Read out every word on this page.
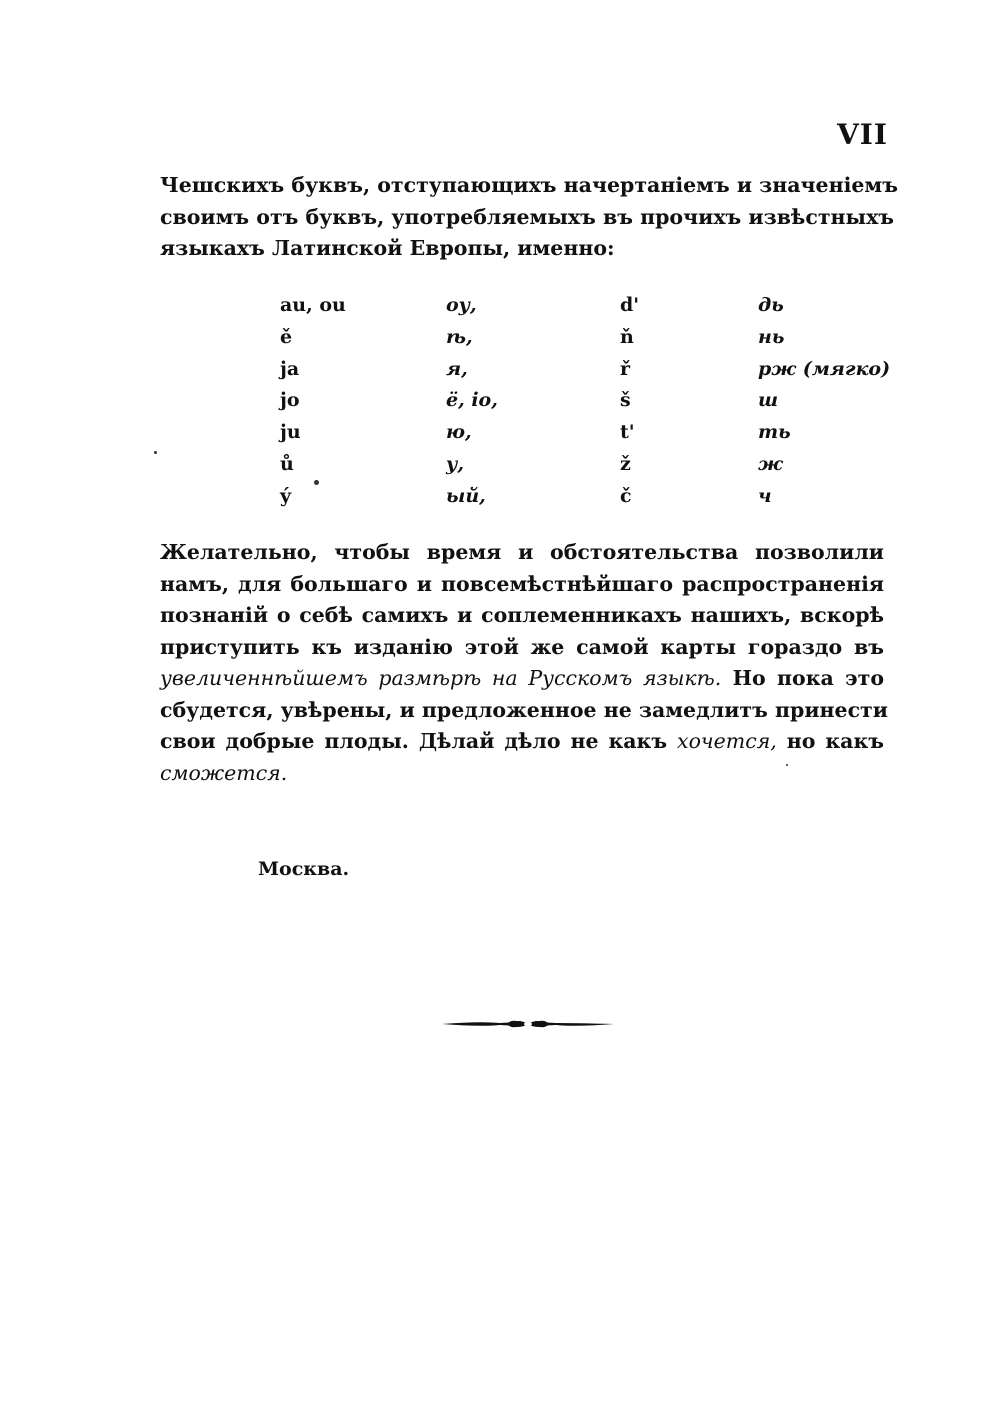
VII
Чешскихъ буквъ, отступающихъ начертаніемъ и значеніемъ
своимъ отъ буквъ, употребляемыхъ въ прочихъ извѣстныхъ
языкахъ Латинской Европы, именно:
au, ou	оу,	d'	дь
ě	ѣ,	ň	нь
ja	я,	ř	рж (мягко)
jo	ё, іо,	š	ш
ju	ю,	t'	ть
ů	у,	ž	ж
ý	ый,	č	ч
Желательно, чтобы время и обстоятельства позволили
намъ, для большаго и повсемѣстнѣйшаго распространенія
познаній о себѣ самихъ и соплеменникахъ нашихъ, вскорѣ
приступить къ изданію этой же самой карты гораздо въ
увеличеннѣйшемъ размѣрѣ на Русскомъ языкѣ. Но пока это
сбудется, увѣрены, и предложенное не замедлитъ принести
свои добрые плоды. Дѣлай дѣло не какъ хочется, но какъ
сможется.
Москва.
